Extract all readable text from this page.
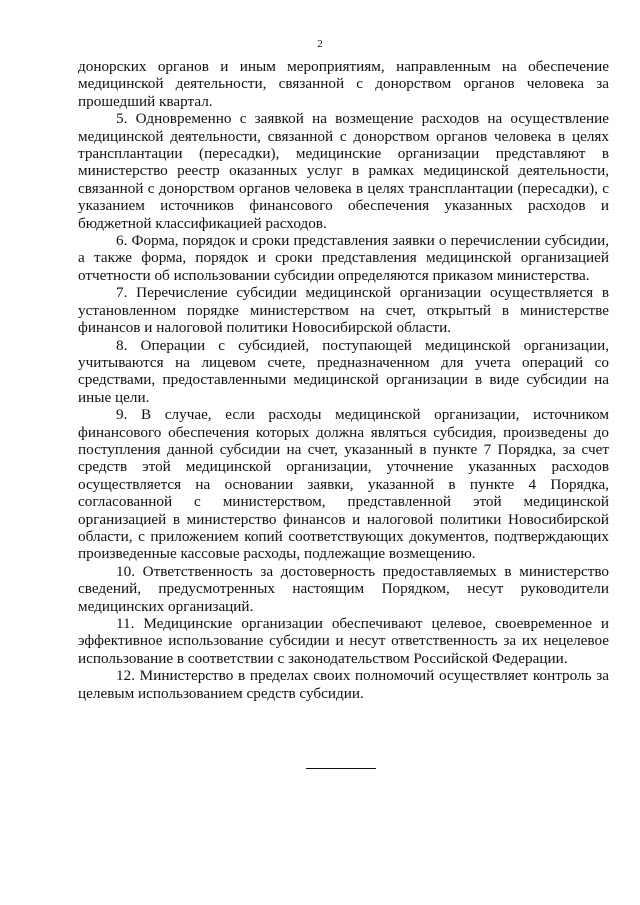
2

донорских органов и иным мероприятиям, направленным на обеспечение медицинской деятельности, связанной с донорством органов человека за прошедший квартал.

5. Одновременно с заявкой на возмещение расходов на осуществление медицинской деятельности, связанной с донорством органов человека в целях трансплантации (пересадки), медицинские организации представляют в министерство реестр оказанных услуг в рамках медицинской деятельности, связанной с донорством органов человека в целях трансплантации (пересадки), с указанием источников финансового обеспечения указанных расходов и бюджетной классификацией расходов.

6. Форма, порядок и сроки представления заявки о перечислении субсидии, а также форма, порядок и сроки представления медицинской организацией отчетности об использовании субсидии определяются приказом министерства.

7. Перечисление субсидии медицинской организации осуществляется в установленном порядке министерством на счет, открытый в министерстве финансов и налоговой политики Новосибирской области.

8. Операции с субсидией, поступающей медицинской организации, учитываются на лицевом счете, предназначенном для учета операций со средствами, предоставленными медицинской организации в виде субсидии на иные цели.

9. В случае, если расходы медицинской организации, источником финансового обеспечения которых должна являться субсидия, произведены до поступления данной субсидии на счет, указанный в пункте 7 Порядка, за счет средств этой медицинской организации, уточнение указанных расходов осуществляется на основании заявки, указанной в пункте 4 Порядка, согласованной с министерством, представленной этой медицинской организацией в министерство финансов и налоговой политики Новосибирской области, с приложением копий соответствующих документов, подтверждающих произведенные кассовые расходы, подлежащие возмещению.

10. Ответственность за достоверность предоставляемых в министерство сведений, предусмотренных настоящим Порядком, несут руководители медицинских организаций.

11. Медицинские организации обеспечивают целевое, своевременное и эффективное использование субсидии и несут ответственность за их нецелевое использование в соответствии с законодательством Российской Федерации.

12. Министерство в пределах своих полномочий осуществляет контроль за целевым использованием средств субсидии.
